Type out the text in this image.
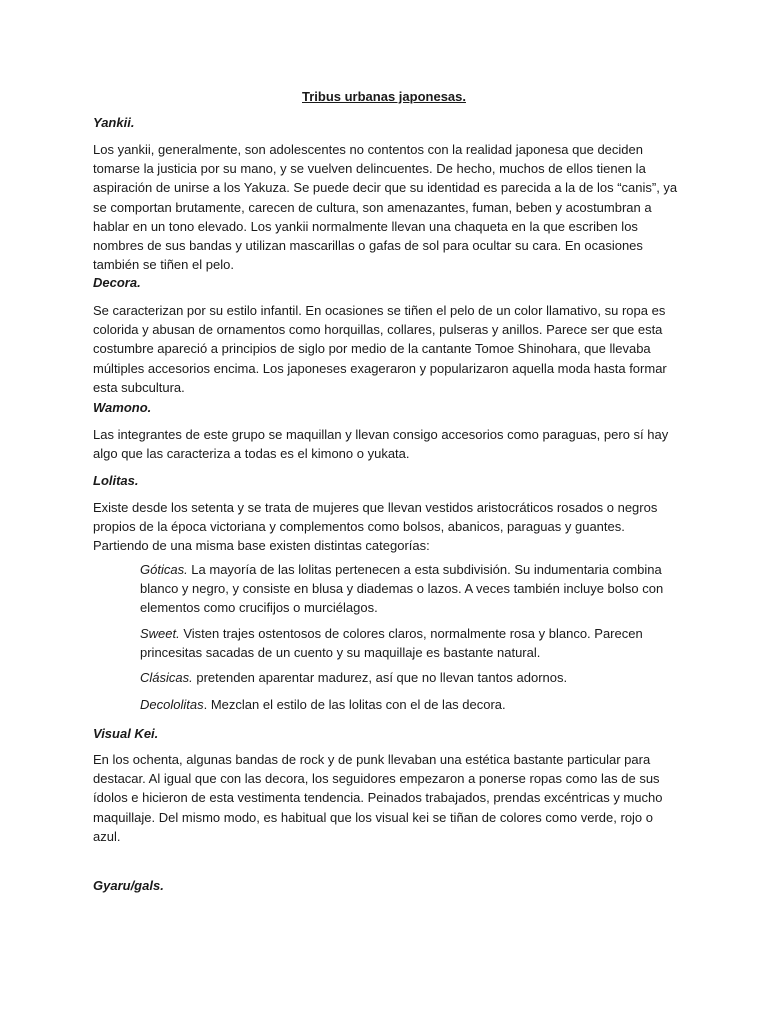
Tribus urbanas japonesas.
Yankii.

Los yankii, generalmente, son adolescentes no contentos con la realidad japonesa que deciden
tomarse la justicia por su mano, y se vuelven delincuentes. De hecho, muchos de ellos tienen la
aspiración de unirse a los Yakuza. Se puede decir que su identidad es parecida a la de los “canis”, ya
se comportan brutamente, carecen de cultura, son amenazantes, fuman, beben y acostumbran a
hablar en un tono elevado. Los yankii normalmente llevan una chaqueta en la que escriben los
nombres de sus bandas y utilizan mascarillas o gafas de sol para ocultar su cara. En ocasiones
también se tiñen el pelo.

Decora.

Se caracterizan por su estilo infantil. En ocasiones se tiñen el pelo de un color llamativo, su ropa es
colorida y abusan de ornamentos como horquillas, collares, pulseras y anillos. Parece ser que esta
costumbre apareció a principios de siglo por medio de la cantante Tomoe Shinohara, que llevaba
múltiples accesorios encima. Los japoneses exageraron y popularizaron aquella moda hasta formar
esta subcultura.

Wamono.

Las integrantes de este grupo se maquillan y llevan consigo accesorios como paraguas, pero sí hay
algo que las caracteriza a todas es el kimono o yukata.

Lolitas.

Existe desde los setenta y se trata de mujeres que llevan vestidos aristocráticos rosados o negros
propios de la época victoriana y complementos como bolsos, abanicos, paraguas y guantes.
Partiendo de una misma base existen distintas categorías:

Góticas. La mayoría de las lolitas pertenecen a esta subdivisión. Su indumentaria combina
blanco y negro, y consiste en blusa y diademas o lazos. A veces también incluye bolso con
elementos como crucifijos o murciélagos.

Sweet. Visten trajes ostentosos de colores claros, normalmente rosa y blanco. Parecen
princesitas sacadas de un cuento y su maquillaje es bastante natural.

Clásicas. pretenden aparentar madurez, así que no llevan tantos adornos.

Decololitas. Mezclan el estilo de las lolitas con el de las decora.

Visual Kei.

En los ochenta, algunas bandas de rock y de punk llevaban una estética bastante particular para
destacar. Al igual que con las decora, los seguidores empezaron a ponerse ropas como las de sus
ídolos e hicieron de esta vestimenta tendencia. Peinados trabajados, prendas excéntricas y mucho
maquillaje. Del mismo modo, es habitual que los visual kei se tiñan de colores como verde, rojo o
azul.

Gyaru/gals.
